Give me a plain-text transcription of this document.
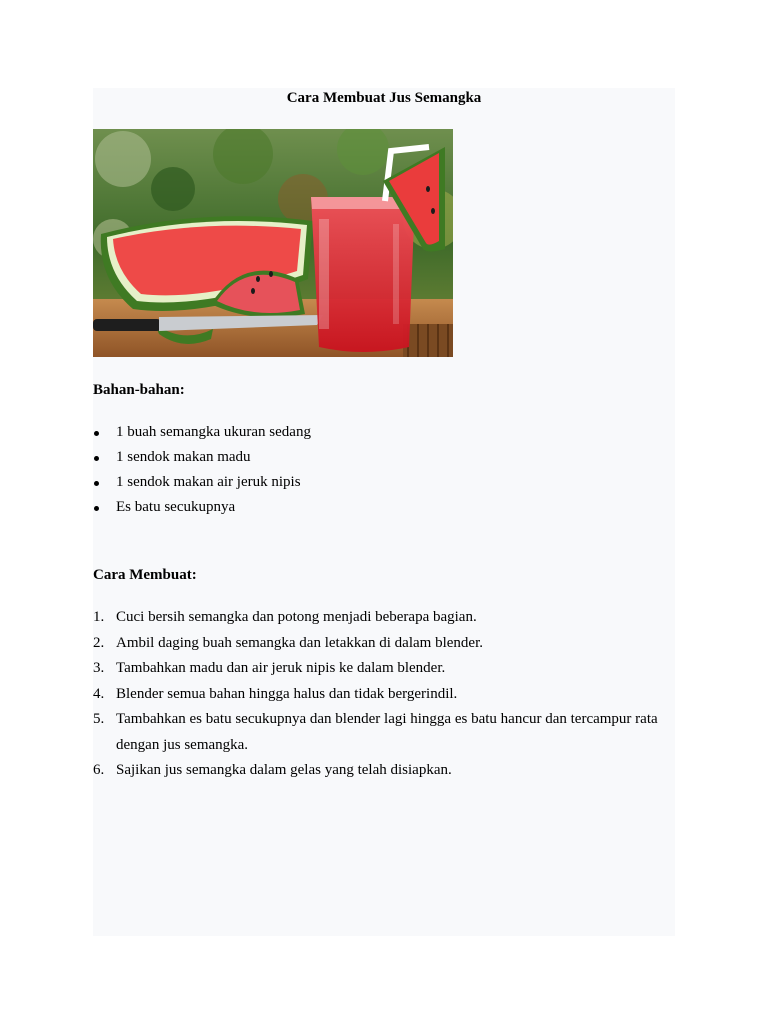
Cara Membuat Jus Semangka
Bahan-bahan:
1 buah semangka ukuran sedang
1 sendok makan madu
1 sendok makan air jeruk nipis
Es batu secukupnya
Cara Membuat:
1. Cuci bersih semangka dan potong menjadi beberapa bagian.
2. Ambil daging buah semangka dan letakkan di dalam blender.
3. Tambahkan madu dan air jeruk nipis ke dalam blender.
4. Blender semua bahan hingga halus dan tidak bergerindil.
5. Tambahkan es batu secukupnya dan blender lagi hingga es batu hancur dan tercampur rata dengan jus semangka.
6. Sajikan jus semangka dalam gelas yang telah disiapkan.
